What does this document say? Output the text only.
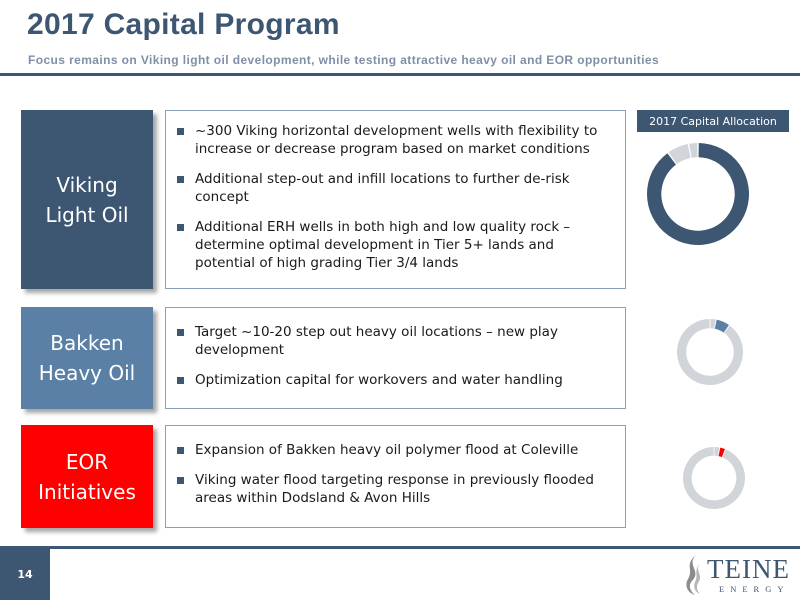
2017 Capital Program
Focus remains on Viking light oil development, while testing attractive heavy oil and EOR opportunities
Viking
Light Oil
~300 Viking horizontal development wells with flexibility to increase or decrease program based on market conditions
Additional step-out and infill locations to further de-risk concept
Additional ERH wells in both high and low quality rock – determine optimal development in Tier 5+ lands and potential of high grading Tier 3/4 lands
Bakken
Heavy Oil
Target ~10-20 step out heavy oil locations – new play development
Optimization capital for workovers and water handling
EOR
Initiatives
Expansion of Bakken heavy oil polymer flood at Coleville
Viking water flood targeting response in previously flooded areas within Dodsland & Avon Hills
2017 Capital Allocation
14	TEINE
ENERGY
